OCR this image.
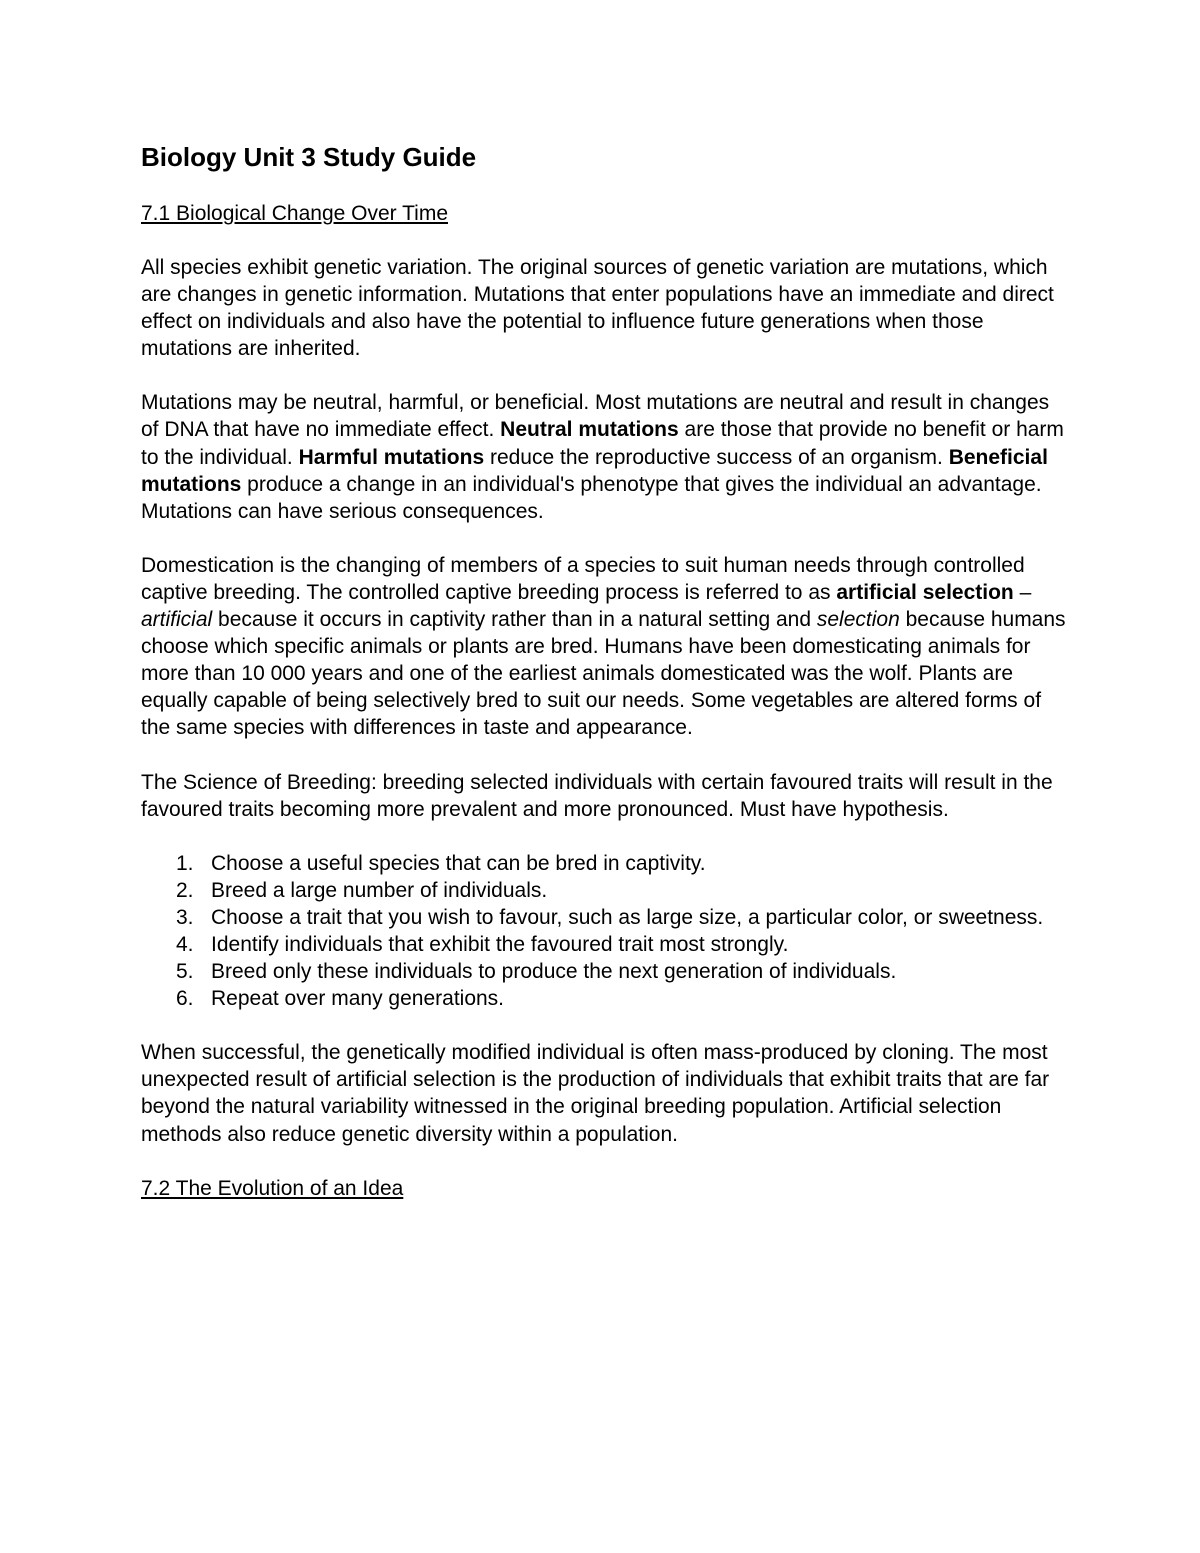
Biology Unit 3 Study Guide
7.1 Biological Change Over Time

All species exhibit genetic variation. The original sources of genetic variation are mutations, which are changes in genetic information. Mutations that enter populations have an immediate and direct effect on individuals and also have the potential to influence future generations when those mutations are inherited.

Mutations may be neutral, harmful, or beneficial. Most mutations are neutral and result in changes of DNA that have no immediate effect. Neutral mutations are those that provide no benefit or harm to the individual. Harmful mutations reduce the reproductive success of an organism. Beneficial mutations produce a change in an individual's phenotype that gives the individual an advantage. Mutations can have serious consequences.

Domestication is the changing of members of a species to suit human needs through controlled captive breeding. The controlled captive breeding process is referred to as artificial selection – artificial because it occurs in captivity rather than in a natural setting and selection because humans choose which specific animals or plants are bred. Humans have been domesticating animals for more than 10 000 years and one of the earliest animals domesticated was the wolf. Plants are equally capable of being selectively bred to suit our needs. Some vegetables are altered forms of the same species with differences in taste and appearance.

The Science of Breeding: breeding selected individuals with certain favoured traits will result in the favoured traits becoming more prevalent and more pronounced. Must have hypothesis.

1. Choose a useful species that can be bred in captivity.
2. Breed a large number of individuals.
3. Choose a trait that you wish to favour, such as large size, a particular color, or sweetness.
4. Identify individuals that exhibit the favoured trait most strongly.
5. Breed only these individuals to produce the next generation of individuals.
6. Repeat over many generations.

When successful, the genetically modified individual is often mass-produced by cloning. The most unexpected result of artificial selection is the production of individuals that exhibit traits that are far beyond the natural variability witnessed in the original breeding population. Artificial selection methods also reduce genetic diversity within a population.

7.2 The Evolution of an Idea
